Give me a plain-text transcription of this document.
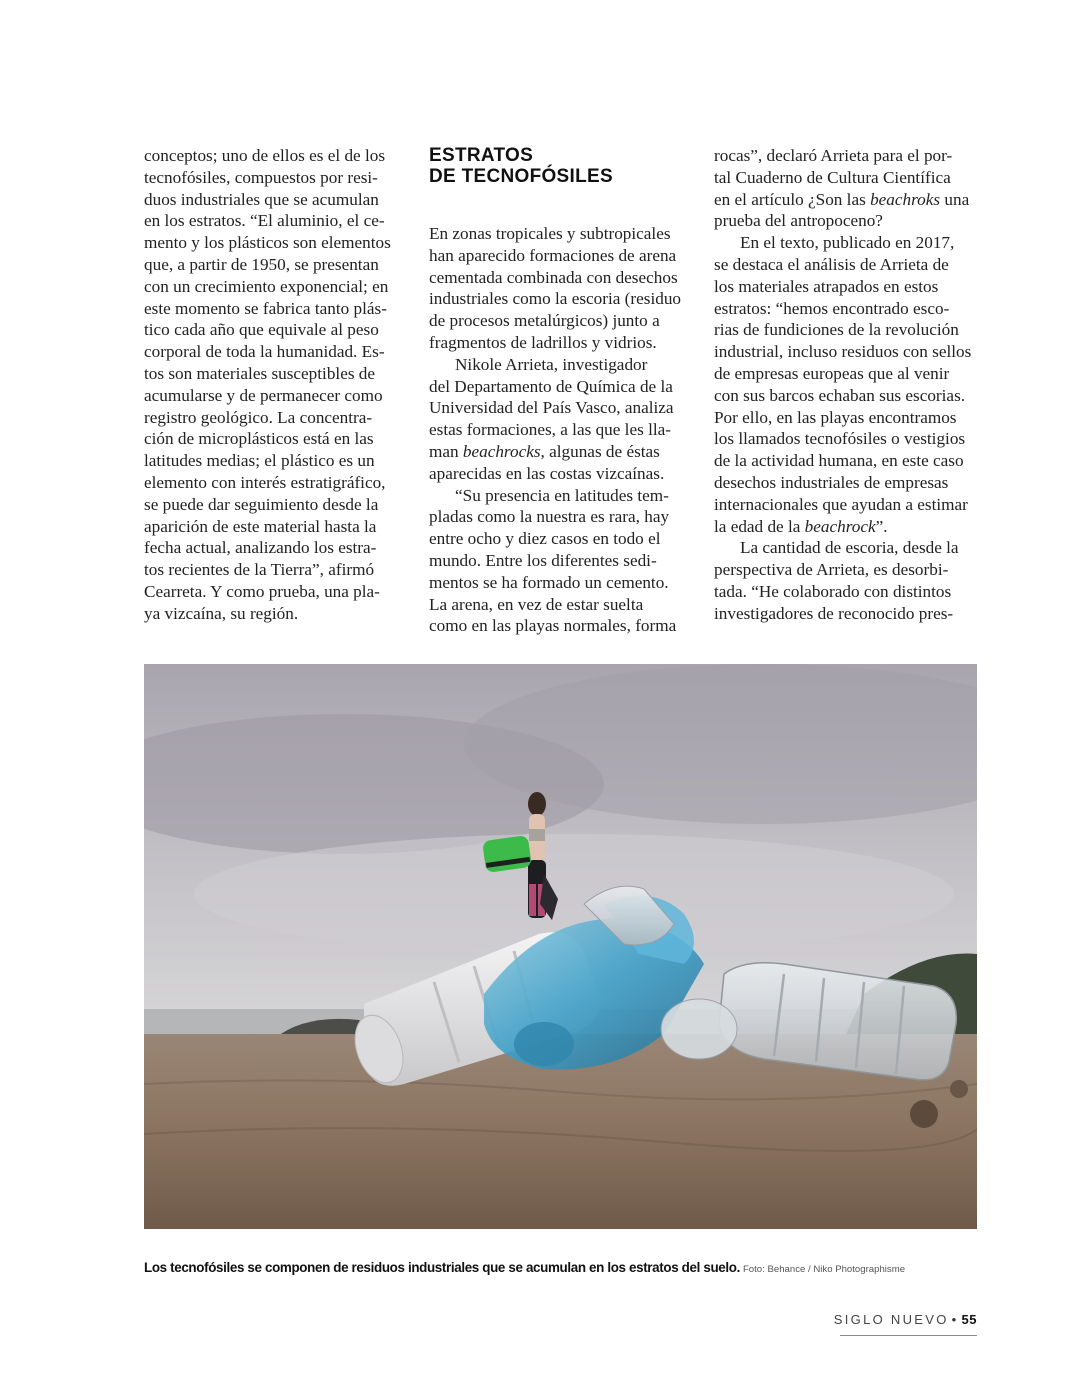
conceptos; uno de ellos es el de los
tecnofósiles, compuestos por resi-
duos industriales que se acumulan
en los estratos. “El aluminio, el ce-
mento y los plásticos son elementos
que, a partir de 1950, se presentan
con un crecimiento exponencial; en
este momento se fabrica tanto plás-
tico cada año que equivale al peso
corporal de toda la humanidad. Es-
tos son materiales susceptibles de
acumularse y de permanecer como
registro geológico. La concentra-
ción de microplásticos está en las
latitudes medias; el plástico es un
elemento con interés estratigráfico,
se puede dar seguimiento desde la
aparición de este material hasta la
fecha actual, analizando los estra-
tos recientes de la Tierra”, afirmó
Cearreta. Y como prueba, una pla-
ya vizcaína, su región.

ESTRATOS
DE TECNOFÓSILES

En zonas tropicales y subtropicales
han aparecido formaciones de arena
cementada combinada con desechos
industriales como la escoria (residuo
de procesos metalúrgicos) junto a
fragmentos de ladrillos y vidrios.

Nikole Arrieta, investigador
del Departamento de Química de la
Universidad del País Vasco, analiza
estas formaciones, a las que les lla-
man beachrocks, algunas de éstas
aparecidas en las costas vizcaínas.

“Su presencia en latitudes tem-
pladas como la nuestra es rara, hay
entre ocho y diez casos en todo el
mundo. Entre los diferentes sedi-
mentos se ha formado un cemento.
La arena, en vez de estar suelta
como en las playas normales, forma

rocas”, declaró Arrieta para el por-
tal Cuaderno de Cultura Científica
en el artículo ¿Son las beachroks una
prueba del antropoceno?

En el texto, publicado en 2017,
se destaca el análisis de Arrieta de
los materiales atrapados en estos
estratos: “hemos encontrado esco-
rias de fundiciones de la revolución
industrial, incluso residuos con sellos
de empresas europeas que al venir
con sus barcos echaban sus escorias.
Por ello, en las playas encontramos
los llamados tecnofósiles o vestigios
de la actividad humana, en este caso
desechos industriales de empresas
internacionales que ayudan a estimar
la edad de la beachrock”.

La cantidad de escoria, desde la
perspectiva de Arrieta, es desorbi-
tada. “He colaborado con distintos
investigadores de reconocido pres-

Los tecnofósiles se componen de residuos industriales que se acumulan en los estratos del suelo. Foto: Behance / Niko Photographisme
SIGLO NUEVO • 55
